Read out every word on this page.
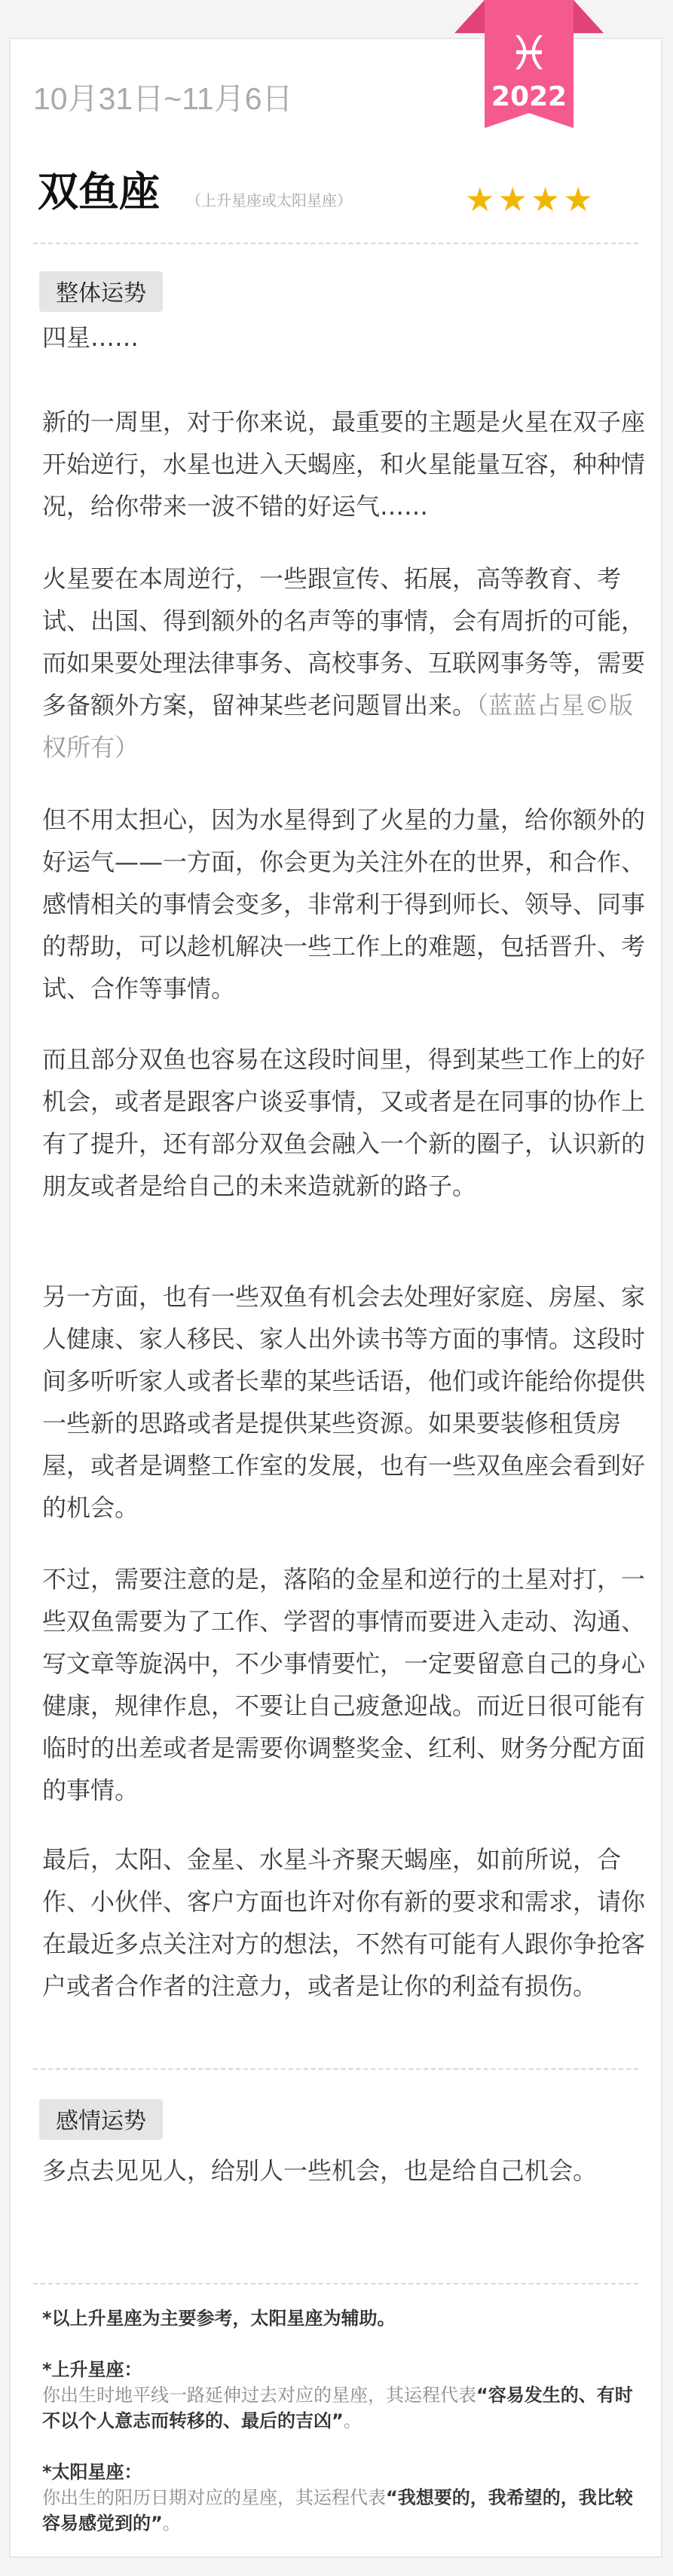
♓
2022
10月31日~11月6日
双鱼座 （上升星座或太阳星座）	★★★★
整体运势

四星……

新的一周里，对于你来说，最重要的主题是火星在双子座开始逆行，水星也进入天蝎座，和火星能量互容，种种情况，给你带来一波不错的好运气……

火星要在本周逆行，一些跟宣传、拓展，高等教育、考试、出国、得到额外的名声等的事情，会有周折的可能，而如果要处理法律事务、高校事务、互联网事务等，需要多备额外方案，留神某些老问题冒出来。（蓝蓝占星©版权所有）

但不用太担心，因为水星得到了火星的力量，给你额外的好运气——一方面，你会更为关注外在的世界，和合作、感情相关的事情会变多，非常利于得到师长、领导、同事的帮助，可以趁机解决一些工作上的难题，包括晋升、考试、合作等事情。

而且部分双鱼也容易在这段时间里，得到某些工作上的好机会，或者是跟客户谈妥事情，又或者是在同事的协作上有了提升，还有部分双鱼会融入一个新的圈子，认识新的朋友或者是给自己的未来造就新的路子。

另一方面，也有一些双鱼有机会去处理好家庭、房屋、家人健康、家人移民、家人出外读书等方面的事情。这段时间多听听家人或者长辈的某些话语，他们或许能给你提供一些新的思路或者是提供某些资源。如果要装修租赁房屋，或者是调整工作室的发展，也有一些双鱼座会看到好的机会。

不过，需要注意的是，落陷的金星和逆行的土星对打，一些双鱼需要为了工作、学習的事情而要进入走动、沟通、写文章等旋涡中，不少事情要忙，一定要留意自己的身心健康，规律作息，不要让自己疲惫迎战。而近日很可能有临时的出差或者是需要你调整奖金、红利、财务分配方面的事情。

最后，太阳、金星、水星斗齐聚天蝎座，如前所说，合作、小伙伴、客户方面也许对你有新的要求和需求，请你在最近多点关注对方的想法，不然有可能有人跟你争抢客户或者合作者的注意力，或者是让你的利益有损伤。

感情运势

多点去见见人，给别人一些机会，也是给自己机会。

*以上升星座为主要参考，太阳星座为辅助。

*上升星座：
你出生时地平线一路延伸过去对应的星座，其运程代表“容易发生的、有时不以个人意志而转移的、最后的吉凶”。

*太阳星座：
你出生的阳历日期对应的星座，其运程代表“我想要的，我希望的，我比较容易感觉到的”。
